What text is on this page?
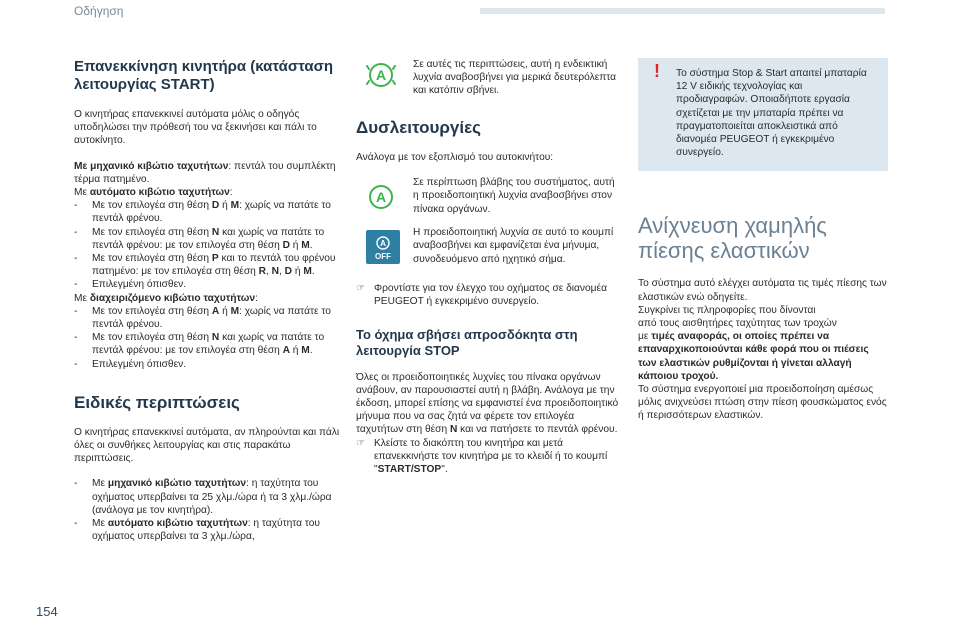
Οδήγηση
Επανεκκίνηση κινητήρα (κατάσταση λειτουργίας START)

Ο κινητήρας επανεκκινεί αυτόματα μόλις ο οδηγός υποδηλώσει την πρόθεσή του να ξεκινήσει και πάλι το αυτοκίνητο.

Με μηχανικό κιβώτιο ταχυτήτων: πεντάλ του συμπλέκτη τέρμα πατημένο.
Με αυτόματο κιβώτιο ταχυτήτων:
- Με τον επιλογέα στη θέση D ή M: χωρίς να πατάτε το πεντάλ φρένου.
- Με τον επιλογέα στη θέση N και χωρίς να πατάτε το πεντάλ φρένου: με τον επιλογέα στη θέση D ή M.
- Με τον επιλογέα στη θέση P και το πεντάλ του φρένου πατημένο: με τον επιλογέα στη θέση R, N, D ή M.
- Επιλεγμένη όπισθεν.
Με διαχειριζόμενο κιβώτιο ταχυτήτων:
- Με τον επιλογέα στη θέση A ή M: χωρίς να πατάτε το πεντάλ φρένου.
- Με τον επιλογέα στη θέση N και χωρίς να πατάτε το πεντάλ φρένου: με τον επιλογέα στη θέση A ή M.
- Επιλεγμένη όπισθεν.
Ειδικές περιπτώσεις

Ο κινητήρας επανεκκινεί αυτόματα, αν πληρούνται και πάλι όλες οι συνθήκες λειτουργίας και στις παρακάτω περιπτώσεις.

- Με μηχανικό κιβώτιο ταχυτήτων: η ταχύτητα του οχήματος υπερβαίνει τα 25 χλμ./ώρα ή τα 3 χλμ./ώρα (ανάλογα με τον κινητήρα).
- Με αυτόματο κιβώτιο ταχυτήτων: η ταχύτητα του οχήματος υπερβαίνει τα 3 χλμ./ώρα,
A
Σε αυτές τις περιπτώσεις, αυτή η ενδεικτική λυχνία αναβοσβήνει για μερικά δευτερόλεπτα και κατόπιν σβήνει.
Δυσλειτουργίες

Ανάλογα με τον εξοπλισμό του αυτοκινήτου:

A
Σε περίπτωση βλάβης του συστήματος, αυτή η προειδοποιητική λυχνία αναβοσβήνει στον πίνακα οργάνων.
A
OFF
Η προειδοποιητική λυχνία σε αυτό το κουμπί αναβοσβήνει και εμφανίζεται ένα μήνυμα, συνοδευόμενο από ηχητικό σήμα.
☞ Φροντίστε για τον έλεγχο του οχήματος σε διανομέα PEUGEOT ή εγκεκριμένο συνεργείο.
Το όχημα σβήσει απροσδόκητα στη λειτουργία STOP
Όλες οι προειδοποιητικές λυχνίες του πίνακα οργάνων ανάβουν, αν παρουσιαστεί αυτή η βλάβη. Ανάλογα με την έκδοση, μπορεί επίσης να εμφανιστεί ένα προειδοποιητικό μήνυμα που να σας ζητά να φέρετε τον επιλογέα ταχυτήτων στη θέση N και να πατήσετε το πεντάλ φρένου.
☞ Κλείστε το διακόπτη του κινητήρα και μετά επανεκκινήστε τον κινητήρα με το κλειδί ή το κουμπί "START/STOP".
! Το σύστημα Stop & Start απαιτεί μπαταρία 12 V ειδικής τεχνολογίας και προδιαγραφών. Οποιαδήποτε εργασία σχετίζεται με την μπαταρία πρέπει να πραγματοποιείται αποκλειστικά από διανομέα PEUGEOT ή εγκεκριμένο συνεργείο.
Ανίχνευση χαμηλής πίεσης ελαστικών
Το σύστημα αυτό ελέγχει αυτόματα τις τιμές πίεσης των ελαστικών ενώ οδηγείτε.
Συγκρίνει τις πληροφορίες που δίνονται
από τους αισθητήρες ταχύτητας των τροχών
με τιμές αναφοράς, οι οποίες πρέπει να επαναρχικοποιούνται κάθε φορά που οι πιέσεις των ελαστικών ρυθμίζονται ή γίνεται αλλαγή κάποιου τροχού.
Το σύστημα ενεργοποιεί μια προειδοποίηση αμέσως μόλις ανιχνεύσει πτώση στην πίεση φουσκώματος ενός ή περισσότερων ελαστικών.
154
